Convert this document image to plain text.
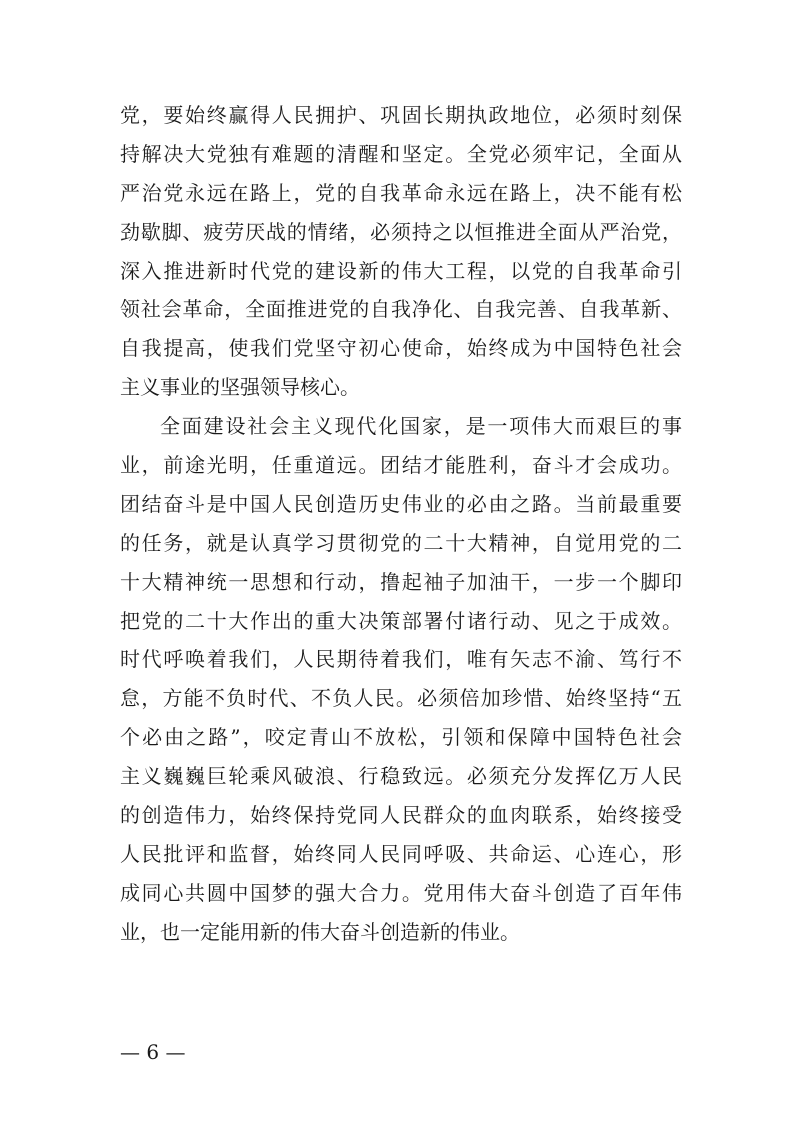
党，要始终赢得人民拥护、巩固长期执政地位，必须时刻保
持解决大党独有难题的清醒和坚定。全党必须牢记，全面从
严治党永远在路上，党的自我革命永远在路上，决不能有松
劲歇脚、疲劳厌战的情绪，必须持之以恒推进全面从严治党，
深入推进新时代党的建设新的伟大工程，以党的自我革命引
领社会革命，全面推进党的自我净化、自我完善、自我革新、
自我提高，使我们党坚守初心使命，始终成为中国特色社会
主义事业的坚强领导核心。
全面建设社会主义现代化国家，是一项伟大而艰巨的事
业，前途光明，任重道远。团结才能胜利，奋斗才会成功。
团结奋斗是中国人民创造历史伟业的必由之路。当前最重要
的任务，就是认真学习贯彻党的二十大精神，自觉用党的二
十大精神统一思想和行动，撸起袖子加油干，一步一个脚印
把党的二十大作出的重大决策部署付诸行动、见之于成效。
时代呼唤着我们，人民期待着我们，唯有矢志不渝、笃行不
怠，方能不负时代、不负人民。必须倍加珍惜、始终坚持“五
个必由之路”，咬定青山不放松，引领和保障中国特色社会
主义巍巍巨轮乘风破浪、行稳致远。必须充分发挥亿万人民
的创造伟力，始终保持党同人民群众的血肉联系，始终接受
人民批评和监督，始终同人民同呼吸、共命运、心连心，形
成同心共圆中国梦的强大合力。党用伟大奋斗创造了百年伟
业，也一定能用新的伟大奋斗创造新的伟业。
— 6 —
